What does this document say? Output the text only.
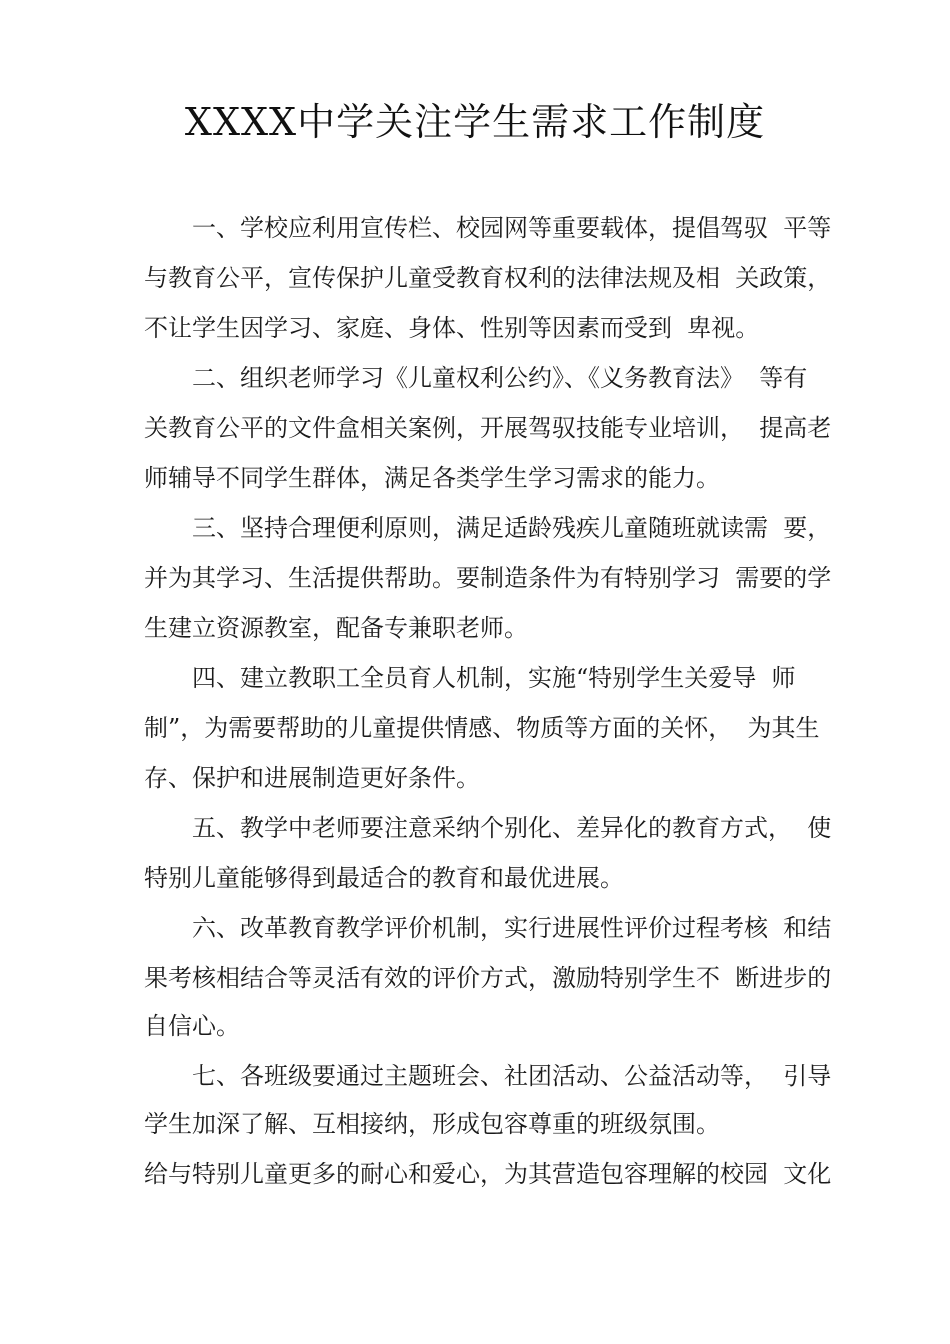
XXXX中学关注学生需求工作制度
　　一、学校应利用宣传栏、校园网等重要载体，提倡驾驭  平等
与教育公平，宣传保护儿童受教育权利的法律法规及相  关政策，
不让学生因学习、家庭、身体、性别等因素而受到  卑视。
　　二、组织老师学习《儿童权利公约》、《义务教育法》  等有
关教育公平的文件盒相关案例，开展驾驭技能专业培训，  提高老
师辅导不同学生群体，满足各类学生学习需求的能力。
　　三、坚持合理便利原则，满足适龄残疾儿童随班就读需  要，
并为其学习、生活提供帮助。要制造条件为有特别学习  需要的学
生建立资源教室，配备专兼职老师。
　　四、建立教职工全员育人机制，实施“特别学生关爱导  师
制”，为需要帮助的儿童提供情感、物质等方面的关怀，  为其生
存、保护和进展制造更好条件。
　　五、教学中老师要注意采纳个别化、差异化的教育方式，  使
特别儿童能够得到最适合的教育和最优进展。
　　六、改革教育教学评价机制，实行进展性评价过程考核  和结
果考核相结合等灵活有效的评价方式，激励特别学生不  断进步的
自信心。
　　七、各班级要通过主题班会、社团活动、公益活动等，  引导
学生加深了解、互相接纳，形成包容尊重的班级氛围。
给与特别儿童更多的耐心和爱心，为其营造包容理解的校园  文化
